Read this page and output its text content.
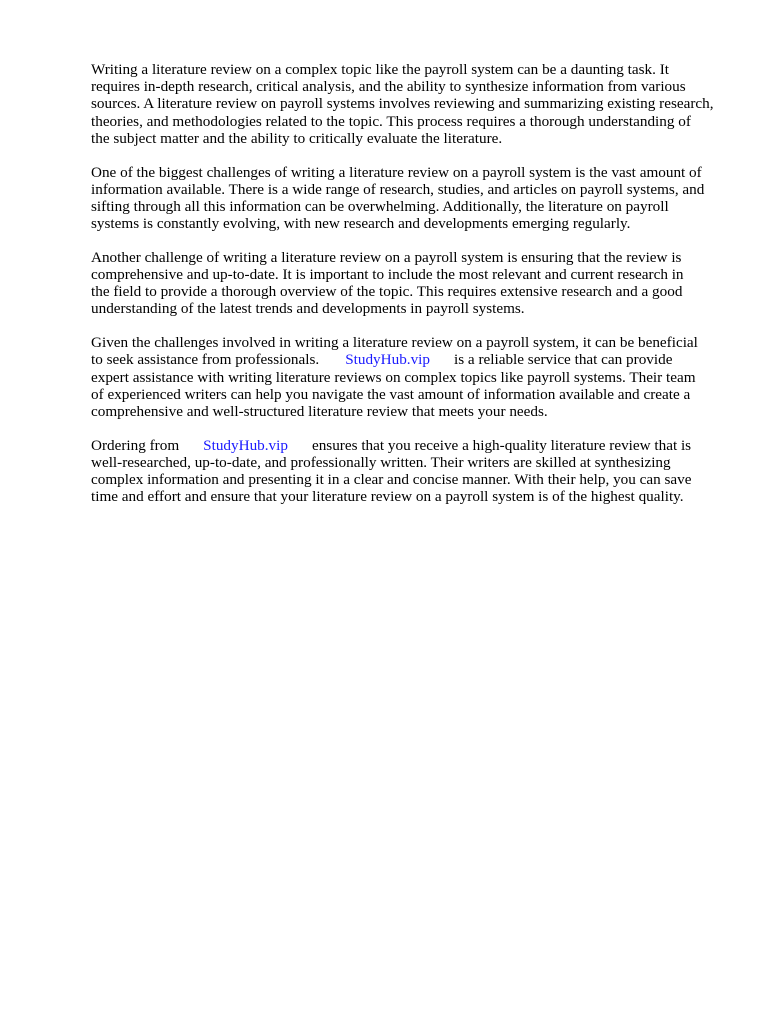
Writing a literature review on a complex topic like the payroll system can be a daunting task. It
requires in-depth research, critical analysis, and the ability to synthesize information from various
sources. A literature review on payroll systems involves reviewing and summarizing existing research,
theories, and methodologies related to the topic. This process requires a thorough understanding of
the subject matter and the ability to critically evaluate the literature.

One of the biggest challenges of writing a literature review on a payroll system is the vast amount of
information available. There is a wide range of research, studies, and articles on payroll systems, and
sifting through all this information can be overwhelming. Additionally, the literature on payroll
systems is constantly evolving, with new research and developments emerging regularly.

Another challenge of writing a literature review on a payroll system is ensuring that the review is
comprehensive and up-to-date. It is important to include the most relevant and current research in
the field to provide a thorough overview of the topic. This requires extensive research and a good
understanding of the latest trends and developments in payroll systems.

Given the challenges involved in writing a literature review on a payroll system, it can be beneficial
to seek assistance from professionals. StudyHub.vip is a reliable service that can provide
expert assistance with writing literature reviews on complex topics like payroll systems. Their team
of experienced writers can help you navigate the vast amount of information available and create a
comprehensive and well-structured literature review that meets your needs.

Ordering from StudyHub.vip ensures that you receive a high-quality literature review that is
well-researched, up-to-date, and professionally written. Their writers are skilled at synthesizing
complex information and presenting it in a clear and concise manner. With their help, you can save
time and effort and ensure that your literature review on a payroll system is of the highest quality.
